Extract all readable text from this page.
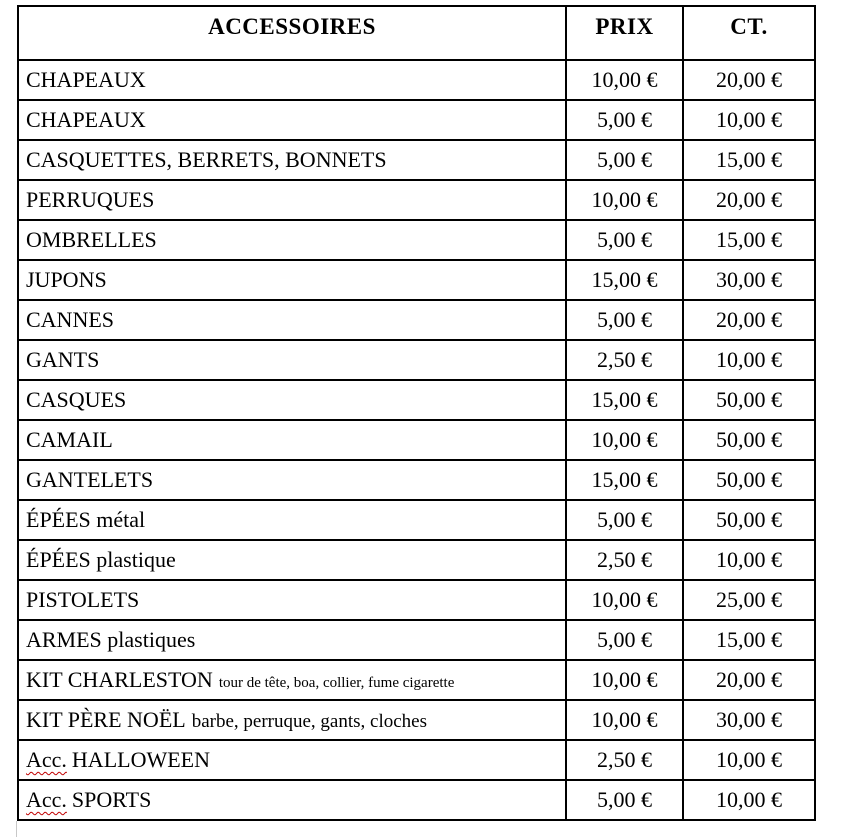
ACCESSOIRES	PRIX	CT.
CHAPEAUX	10,00 €	20,00 €
CHAPEAUX	5,00 €	10,00 €
CASQUETTES, BERRETS, BONNETS	5,00 €	15,00 €
PERRUQUES	10,00 €	20,00 €
OMBRELLES	5,00 €	15,00 €
JUPONS	15,00 €	30,00 €
CANNES	5,00 €	20,00 €
GANTS	2,50 €	10,00 €
CASQUES	15,00 €	50,00 €
CAMAIL	10,00 €	50,00 €
GANTELETS	15,00 €	50,00 €
ÉPÉES métal	5,00 €	50,00 €
ÉPÉES plastique	2,50 €	10,00 €
PISTOLETS	10,00 €	25,00 €
ARMES plastiques	5,00 €	15,00 €
KIT CHARLESTON tour de tête, boa, collier, fume cigarette	10,00 €	20,00 €
KIT PÈRE NOËL barbe, perruque, gants, cloches	10,00 €	30,00 €
Acc. HALLOWEEN	2,50 €	10,00 €
Acc. SPORTS	5,00 €	10,00 €
